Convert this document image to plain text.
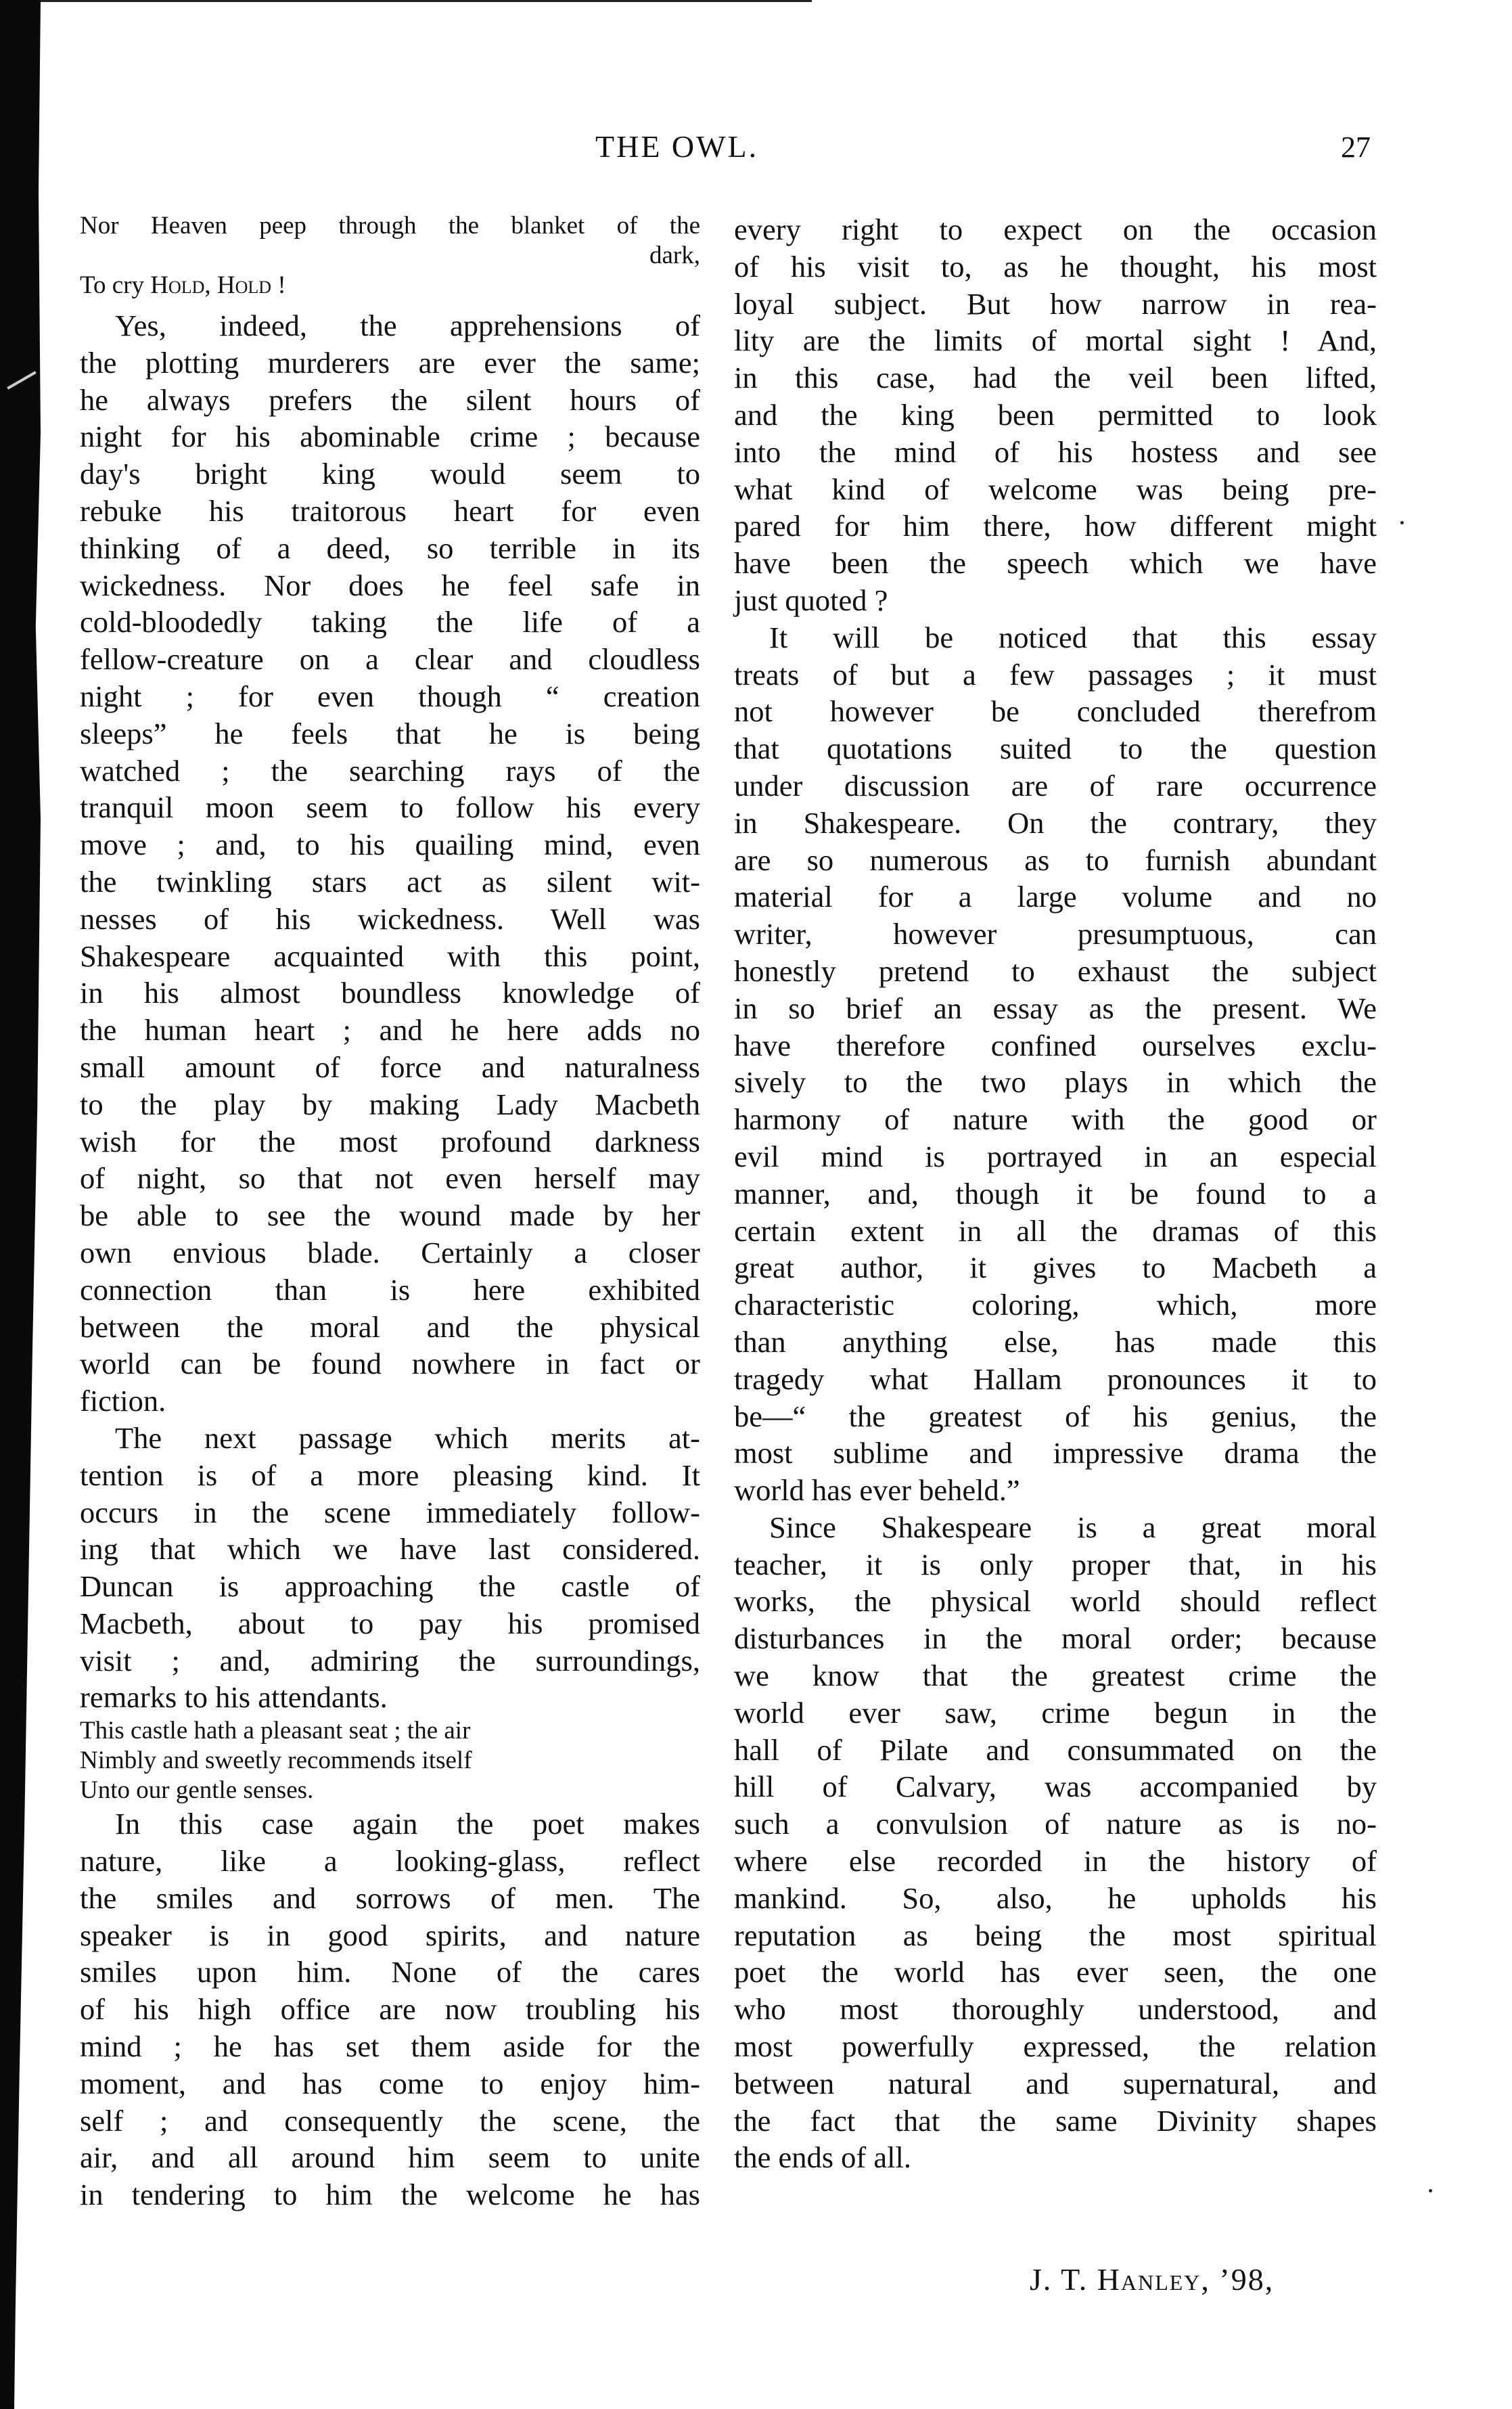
THE OWL.	27
Nor Heaven peep through the blanket of the
dark,
To cry Hold, Hold !
Yes, indeed, the apprehensions of
the plotting murderers are ever the same;
he always prefers the silent hours of
night for his abominable crime ; because
day's bright king would seem to
rebuke his traitorous heart for even
thinking of a deed, so terrible in its
wickedness. Nor does he feel safe in
cold-bloodedly taking the life of a
fellow-creature on a clear and cloudless
night ; for even though “ creation
sleeps” he feels that he is being
watched ; the searching rays of the
tranquil moon seem to follow his every
move ; and, to his quailing mind, even
the twinkling stars act as silent wit-
nesses of his wickedness. Well was
Shakespeare acquainted with this point,
in his almost boundless knowledge of
the human heart ; and he here adds no
small amount of force and naturalness
to the play by making Lady Macbeth
wish for the most profound darkness
of night, so that not even herself may
be able to see the wound made by her
own envious blade. Certainly a closer
connection than is here exhibited
between the moral and the physical
world can be found nowhere in fact or
fiction.
The next passage which merits at-
tention is of a more pleasing kind. It
occurs in the scene immediately follow-
ing that which we have last considered.
Duncan is approaching the castle of
Macbeth, about to pay his promised
visit ; and, admiring the surroundings,
remarks to his attendants.
This castle hath a pleasant seat ; the air
Nimbly and sweetly recommends itself
Unto our gentle senses.
In this case again the poet makes
nature, like a looking-glass, reflect
the smiles and sorrows of men. The
speaker is in good spirits, and nature
smiles upon him. None of the cares
of his high office are now troubling his
mind ; he has set them aside for the
moment, and has come to enjoy him-
self ; and consequently the scene, the
air, and all around him seem to unite
in tendering to him the welcome he has
every right to expect on the occasion
of his visit to, as he thought, his most
loyal subject. But how narrow in rea-
lity are the limits of mortal sight ! And,
in this case, had the veil been lifted,
and the king been permitted to look
into the mind of his hostess and see
what kind of welcome was being pre-
pared for him there, how different might
have been the speech which we have
just quoted ?
It will be noticed that this essay
treats of but a few passages ; it must
not however be concluded therefrom
that quotations suited to the question
under discussion are of rare occurrence
in Shakespeare. On the contrary, they
are so numerous as to furnish abundant
material for a large volume and no
writer, however presumptuous, can
honestly pretend to exhaust the subject
in so brief an essay as the present. We
have therefore confined ourselves exclu-
sively to the two plays in which the
harmony of nature with the good or
evil mind is portrayed in an especial
manner, and, though it be found to a
certain extent in all the dramas of this
great author, it gives to Macbeth a
characteristic coloring, which, more
than anything else, has made this
tragedy what Hallam pronounces it to
be—“ the greatest of his genius, the
most sublime and impressive drama the
world has ever beheld.”
Since Shakespeare is a great moral
teacher, it is only proper that, in his
works, the physical world should reflect
disturbances in the moral order; because
we know that the greatest crime the
world ever saw, crime begun in the
hall of Pilate and consummated on the
hill of Calvary, was accompanied by
such a convulsion of nature as is no-
where else recorded in the history of
mankind. So, also, he upholds his
reputation as being the most spiritual
poet the world has ever seen, the one
who most thoroughly understood, and
most powerfully expressed, the relation
between natural and supernatural, and
the fact that the same Divinity shapes
the ends of all.
J. T. Hanley, ’98,
